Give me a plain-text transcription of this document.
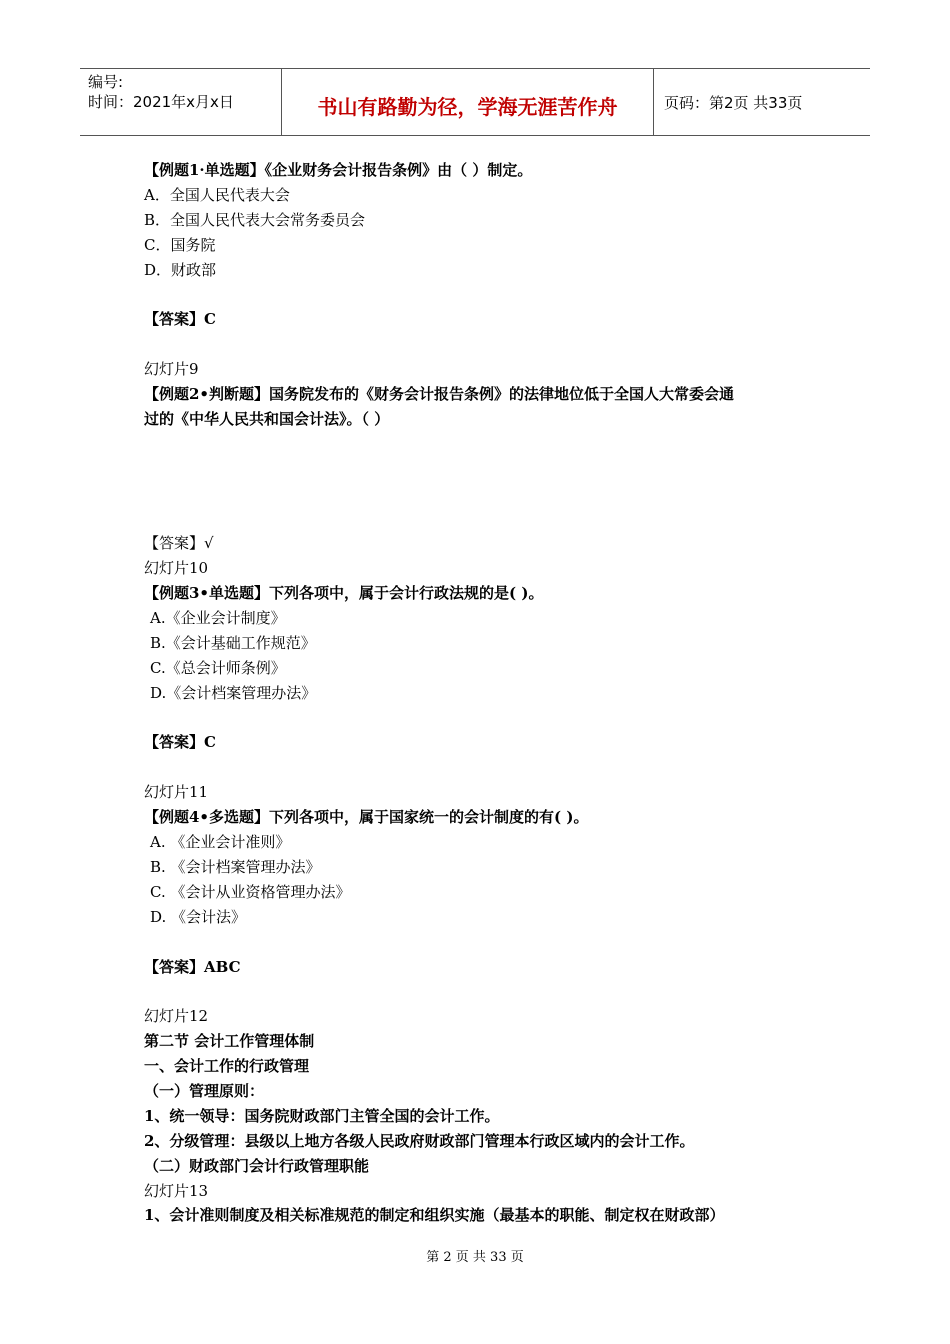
编号:
时间：2021年x月x日	书山有路勤为径，学海无涯苦作舟	页码：第2页 共33页
【例题1·单选题】《企业财务会计报告条例》由（ ）制定。
A．全国人民代表大会
B．全国人民代表大会常务委员会
C．国务院
D．财政部
【答案】C
幻灯片9
【例题2•判断题】国务院发布的《财务会计报告条例》的法律地位低于全国人大常委会通
过的《中华人民共和国会计法》。（ ）
【答案】√
幻灯片10
【例题3•单选题】下列各项中，属于会计行政法规的是( )。
A.《企业会计制度》
B.《会计基础工作规范》
C.《总会计师条例》
D.《会计档案管理办法》
【答案】C
幻灯片11
【例题4•多选题】下列各项中，属于国家统一的会计制度的有( )。
A. 《企业会计准则》
B. 《会计档案管理办法》
C. 《会计从业资格管理办法》
D. 《会计法》
【答案】ABC
幻灯片12
第二节 会计工作管理体制
一、会计工作的行政管理
（一）管理原则：
1、统一领导：国务院财政部门主管全国的会计工作。
2、分级管理：县级以上地方各级人民政府财政部门管理本行政区域内的会计工作。
（二）财政部门会计行政管理职能
幻灯片13
1、会计准则制度及相关标准规范的制定和组织实施（最基本的职能、制定权在财政部）
第 2 页 共 33 页
